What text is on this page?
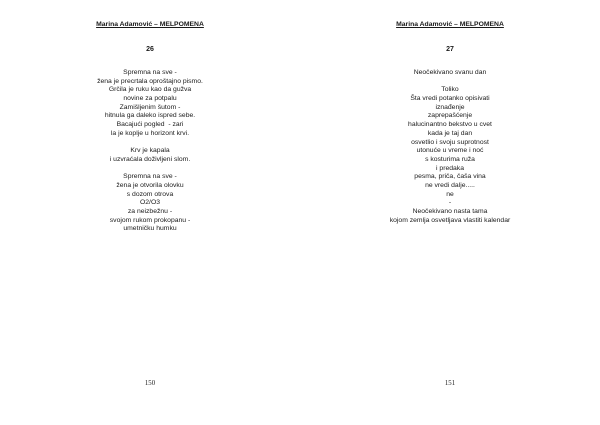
Marina Adamović – MELPOMENA
26
Spremna na sve -
žena je precrtala oproštajno pismo.
Grčila je ruku kao da gužva
novine za potpalu
Zamišljenim šutom -
hitnula ga daleko ispred sebe.
Bacajući pogled  - zari
la je koplje u horizont krvi.
Krv je kapala
i uzvraćala doživljeni slom.
Spremna na sve -
žena je otvorila olovku
s dozom otrova
O2/O3
za neizbežnu -
svojom rukom prokopanu -
umetničku humku
150
Marina Adamović – MELPOMENA
27
Neočekivano svanu dan
Toliko
Šta vredi potanko opisivati
iznađenje
zaprepašćenje
halucinantno bekstvo u cvet
kada je taj dan
osvetlio i svoju suprotnost
utonuće u vreme i noć
s kosturima ruža
i predaka
pesma, priča, čaša vina
ne vredi dalje.....
ne
-
Neočekivano nasta tama
kojom zemlja osvetljava vlastiti kalendar
151
